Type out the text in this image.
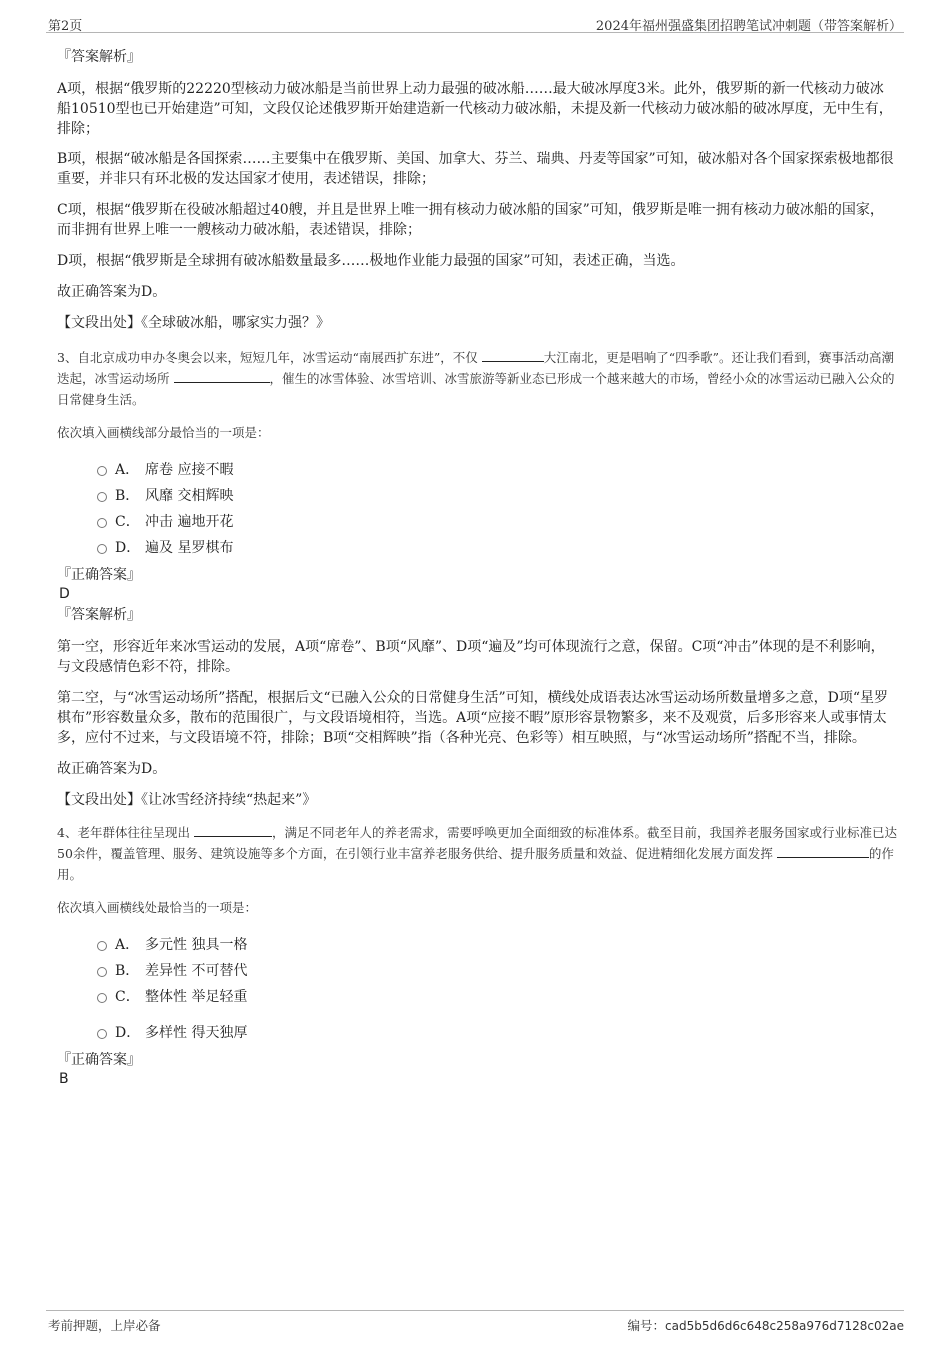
第2页	2024年福州强盛集团招聘笔试冲刺题（带答案解析）

『答案解析』

A项，根据“俄罗斯的22220型核动力破冰船是当前世界上动力最强的破冰船……最大破冰厚度3米。此外，俄罗斯的新一代核动力破冰船10510型也已开始建造”可知，文段仅论述俄罗斯开始建造新一代核动力破冰船，未提及新一代核动力破冰船的破冰厚度，无中生有，排除；

B项，根据“破冰船是各国探索……主要集中在俄罗斯、美国、加拿大、芬兰、瑞典、丹麦等国家”可知，破冰船对各个国家探索极地都很重要，并非只有环北极的发达国家才使用，表述错误，排除；

C项，根据“俄罗斯在役破冰船超过40艘，并且是世界上唯一拥有核动力破冰船的国家”可知，俄罗斯是唯一拥有核动力破冰船的国家，而非拥有世界上唯一一艘核动力破冰船，表述错误，排除；

D项，根据“俄罗斯是全球拥有破冰船数量最多……极地作业能力最强的国家”可知，表述正确，当选。

故正确答案为D。

【文段出处】《全球破冰船，哪家实力强？》

3、自北京成功申办冬奥会以来，短短几年，冰雪运动“南展西扩东进”，不仅	大江南北，更是唱响了“四季歌”。还让我们看到，赛事活动高潮迭起，冰雪运动场所	，催生的冰雪体验、冰雪培训、冰雪旅游等新业态已形成一个越来越大的市场，曾经小众的冰雪运动已融入公众的日常健身生活。

依次填入画横线部分最恰当的一项是：

A． 席卷 应接不暇
B． 风靡 交相辉映
C． 冲击 遍地开花
D． 遍及 星罗棋布

『正确答案』

D

『答案解析』

第一空，形容近年来冰雪运动的发展，A项“席卷”、B项“风靡”、D项“遍及”均可体现流行之意，保留。C项“冲击”体现的是不利影响，与文段感情色彩不符，排除。

第二空，与“冰雪运动场所”搭配，根据后文“已融入公众的日常健身生活”可知，横线处成语表达冰雪运动场所数量增多之意，D项“星罗棋布”形容数量众多，散布的范围很广，与文段语境相符，当选。A项“应接不暇”原形容景物繁多，来不及观赏，后多形容来人或事情太多，应付不过来，与文段语境不符，排除；B项“交相辉映”指（各种光亮、色彩等）相互映照，与“冰雪运动场所”搭配不当，排除。

故正确答案为D。

【文段出处】《让冰雪经济持续“热起来”》

4、老年群体往往呈现出	，满足不同老年人的养老需求，需要呼唤更加全面细致的标准体系。截至目前，我国养老服务国家或行业标准已达50余件，覆盖管理、服务、建筑设施等多个方面，在引领行业丰富养老服务供给、提升服务质量和效益、促进精细化发展方面发挥	的作用。

依次填入画横线处最恰当的一项是：

A． 多元性 独具一格
B． 差异性 不可替代
C． 整体性 举足轻重
D． 多样性 得天独厚

『正确答案』

B

考前押题，上岸必备	编号：cad5b5d6d6c648c258a976d7128c02ae
